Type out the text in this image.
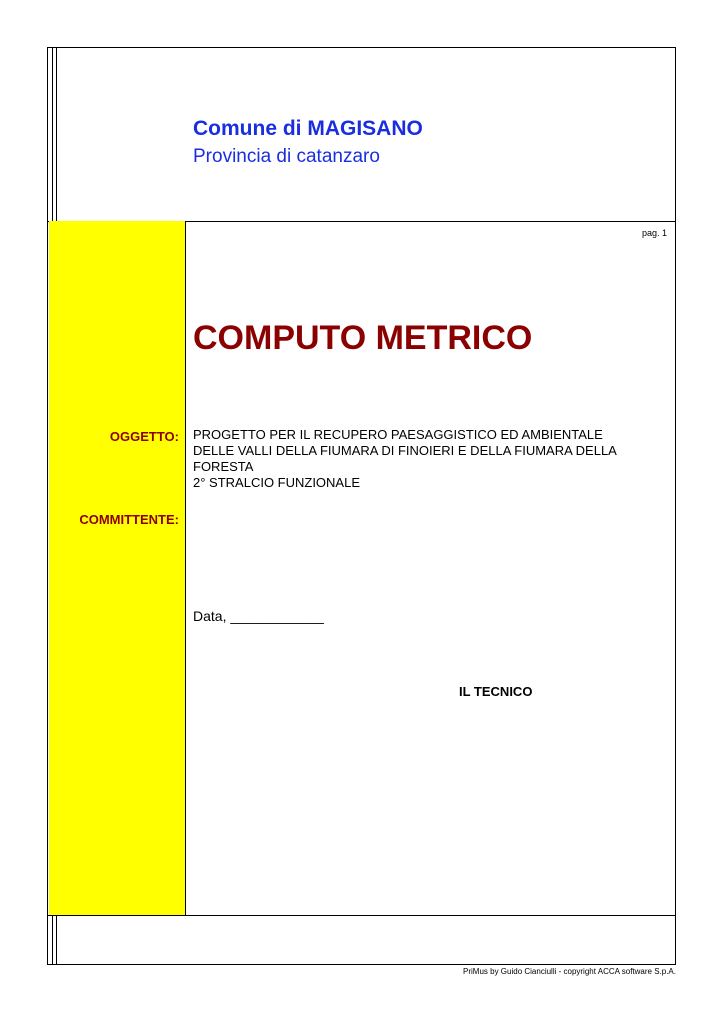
Comune di MAGISANO
Provincia di catanzaro
pag. 1
COMPUTO METRICO
OGGETTO:
COMMITTENTE:
PROGETTO PER IL RECUPERO PAESAGGISTICO ED AMBIENTALE
DELLE VALLI DELLA FIUMARA DI FINOIERI E DELLA FIUMARA DELLA
FORESTA
2° STRALCIO FUNZIONALE
Data, ____________
IL TECNICO
PriMus by Guido Cianciulli - copyright ACCA software S.p.A.
